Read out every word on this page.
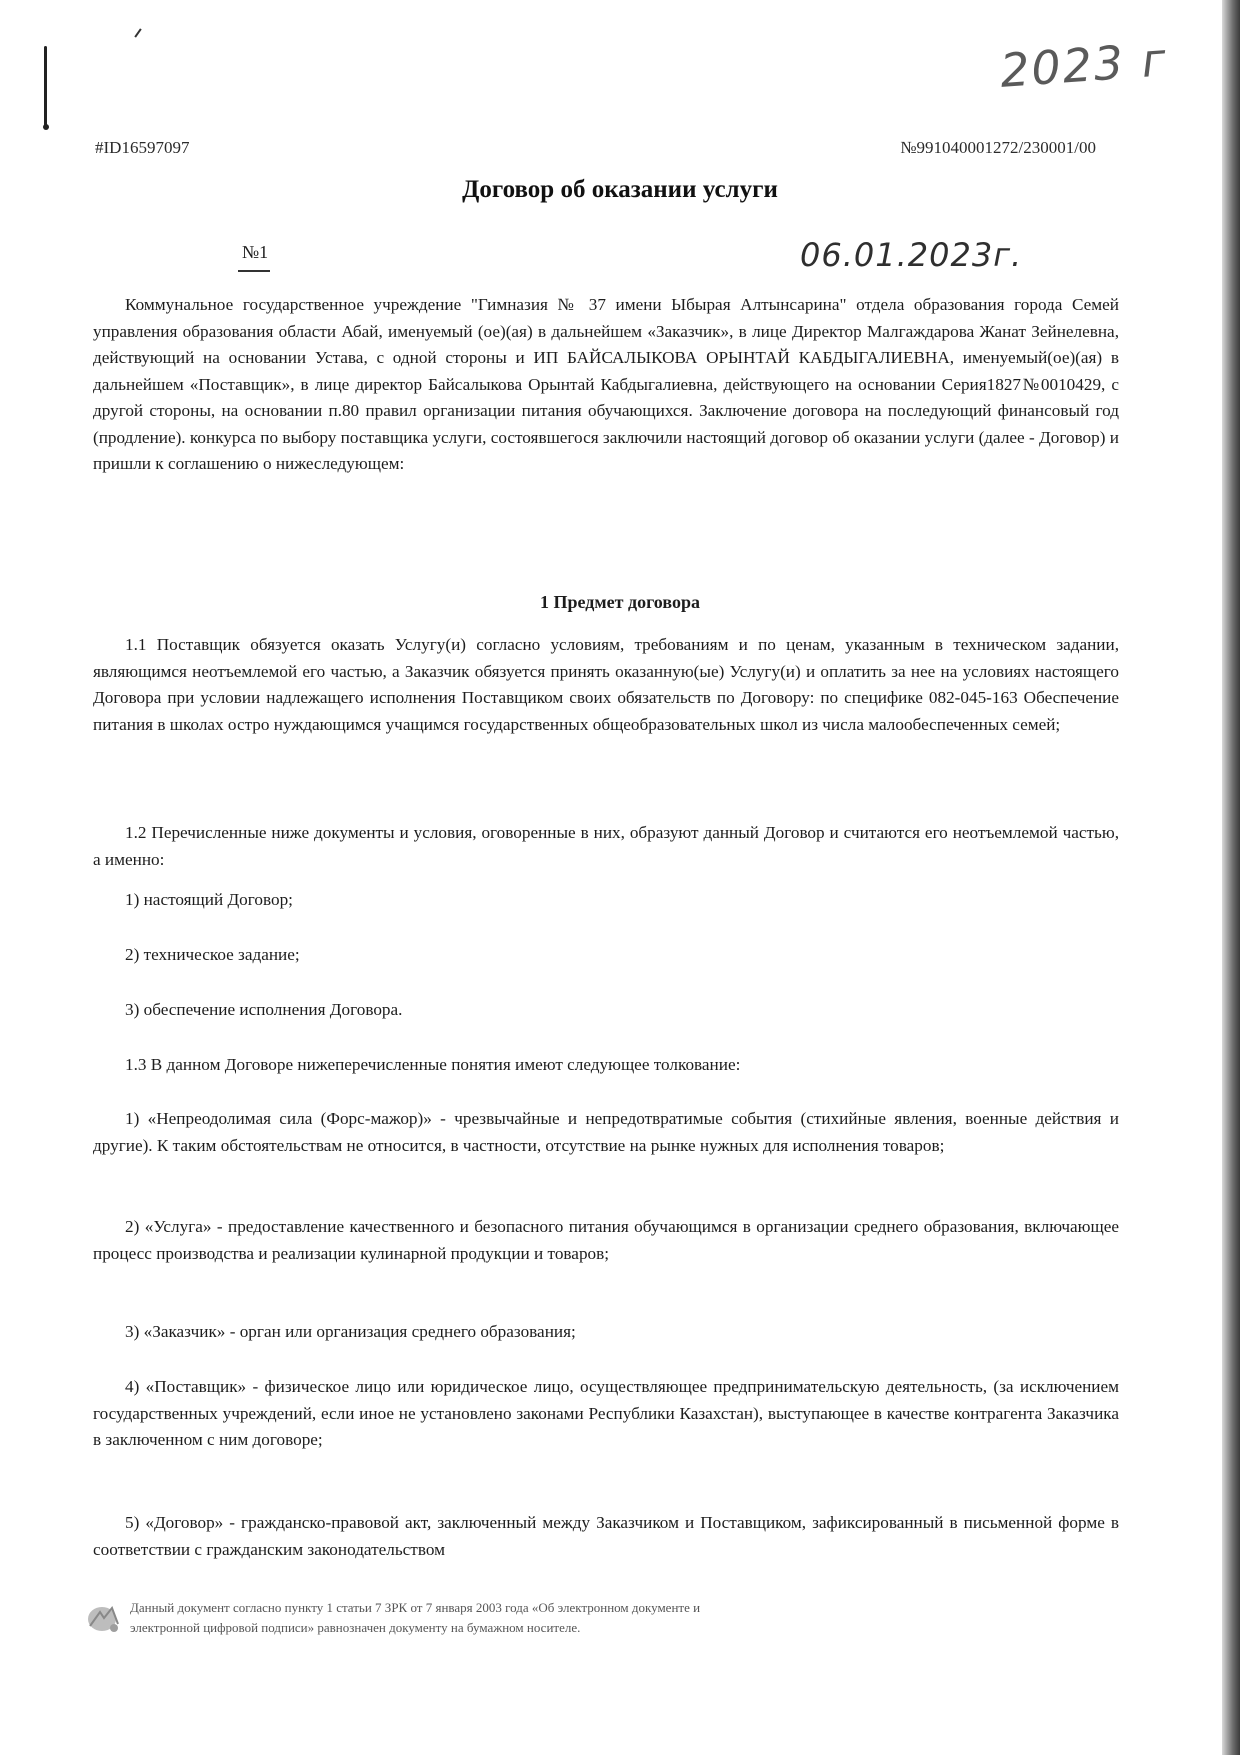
2023 г
#ID16597097	№991040001272/230001/00
Договор об оказании услуги
№1	06.01.2023г.
Коммунальное государственное учреждение "Гимназия № 37 имени Ыбырая Алтынсарина" отдела образования города Семей управления образования области Абай, именуемый (ое)(ая) в дальнейшем «Заказчик», в лице Директор Малгаждарова Жанат Зейнелевна, действующий на основании Устава, с одной стороны и ИП БАЙСАЛЫКОВА ОРЫНТАЙ КАБДЫГАЛИЕВНА, именуемый(ое)(ая) в дальнейшем «Поставщик», в лице директор Байсалыкова Орынтай Кабдыгалиевна, действующего на основании Серия1827№0010429, с другой стороны, на основании п.80 правил организации питания обучающихся. Заключение договора на последующий финансовый год (продление). конкурса по выбору поставщика услуги, состоявшегося заключили настоящий договор об оказании услуги (далее - Договор) и пришли к соглашению о нижеследующем:
1 Предмет договора
1.1 Поставщик обязуется оказать Услугу(и) согласно условиям, требованиям и по ценам, указанным в техническом задании, являющимся неотъемлемой его частью, а Заказчик обязуется принять оказанную(ые) Услугу(и) и оплатить за нее на условиях настоящего Договора при условии надлежащего исполнения Поставщиком своих обязательств по Договору: по специфике 082-045-163 Обеспечение питания в школах остро нуждающимся учащимся государственных общеобразовательных школ из числа малообеспеченных семей;
1.2 Перечисленные ниже документы и условия, оговоренные в них, образуют данный Договор и считаются его неотъемлемой частью, а именно:
1) настоящий Договор;
2) техническое задание;
3) обеспечение исполнения Договора.
1.3 В данном Договоре нижеперечисленные понятия имеют следующее толкование:
1) «Непреодолимая сила (Форс-мажор)» - чрезвычайные и непредотвратимые события (стихийные явления, военные действия и другие). К таким обстоятельствам не относится, в частности, отсутствие на рынке нужных для исполнения товаров;
2) «Услуга» - предоставление качественного и безопасного питания обучающимся в организации среднего образования, включающее процесс производства и реализации кулинарной продукции и товаров;
3) «Заказчик» - орган или организация среднего образования;
4) «Поставщик» - физическое лицо или юридическое лицо, осуществляющее предпринимательскую деятельность, (за исключением государственных учреждений, если иное не установлено законами Республики Казахстан), выступающее в качестве контрагента Заказчика в заключенном с ним договоре;
5) «Договор» - гражданско-правовой акт, заключенный между Заказчиком и Поставщиком, зафиксированный в письменной форме в соответствии с гражданским законодательством
Данный документ согласно пункту 1 статьи 7 ЗРК от 7 января 2003 года «Об электронном документе и
электронной цифровой подписи» равнозначен документу на бумажном носителе.
